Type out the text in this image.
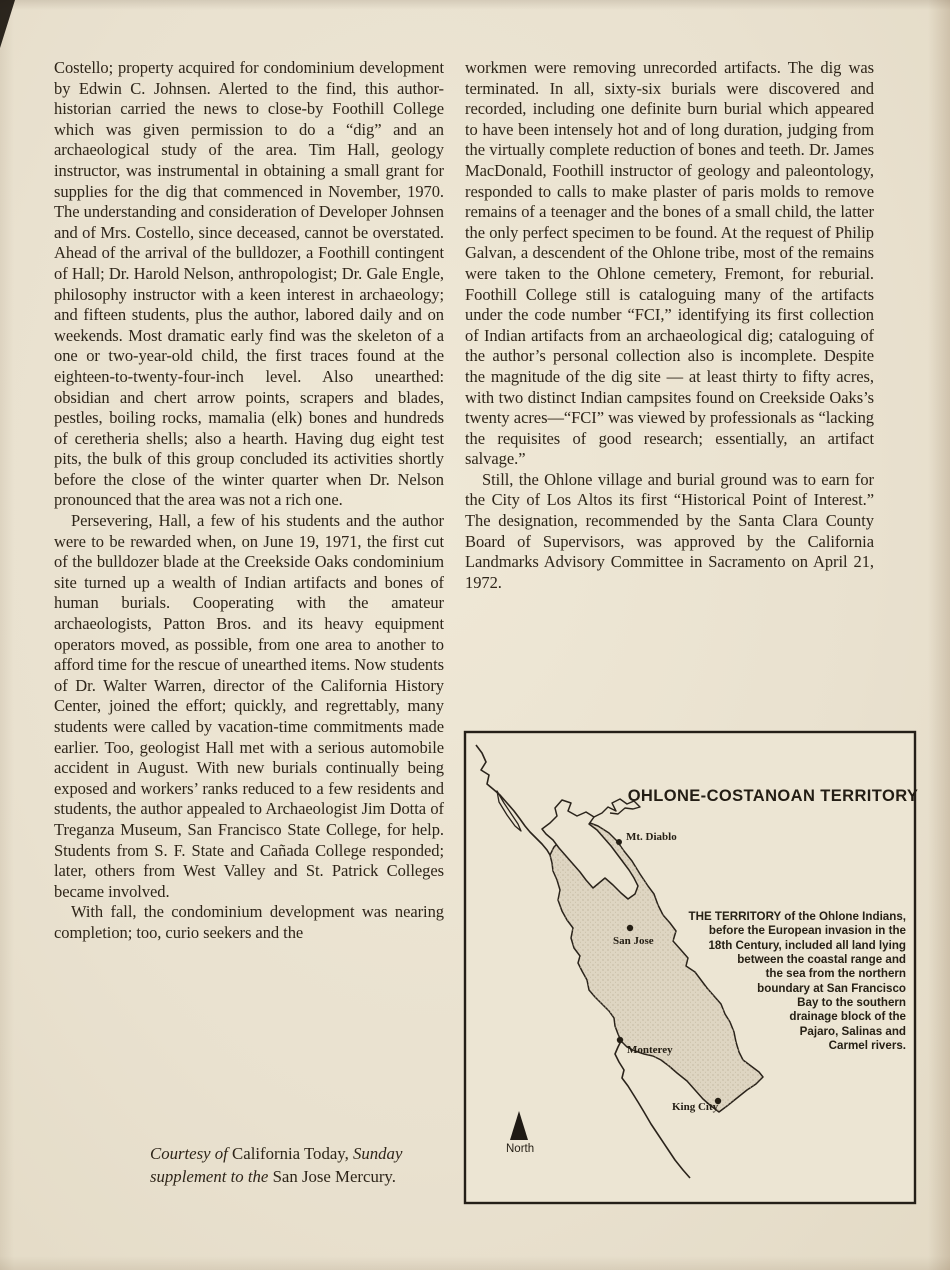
Costello; property acquired for condominium development by Edwin C. Johnsen. Alerted to the find, this author-historian carried the news to close-by Foothill College which was given permission to do a “dig” and an archaeological study of the area. Tim Hall, geology instructor, was instrumental in obtaining a small grant for supplies for the dig that commenced in November, 1970. The understanding and consideration of Developer Johnsen and of Mrs. Costello, since deceased, cannot be overstated. Ahead of the arrival of the bulldozer, a Foothill contingent of Hall; Dr. Harold Nelson, anthropologist; Dr. Gale Engle, philosophy instructor with a keen interest in archaeology; and fifteen students, plus the author, labored daily and on weekends. Most dramatic early find was the skeleton of a one or two-year-old child, the first traces found at the eighteen-to-twenty-four-inch level. Also unearthed: obsidian and chert arrow points, scrapers and blades, pestles, boiling rocks, mamalia (elk) bones and hundreds of ceretheria shells; also a hearth. Having dug eight test pits, the bulk of this group concluded its activities shortly before the close of the winter quarter when Dr. Nelson pronounced that the area was not a rich one.

Persevering, Hall, a few of his students and the author were to be rewarded when, on June 19, 1971, the first cut of the bulldozer blade at the Creekside Oaks condominium site turned up a wealth of Indian artifacts and bones of human burials. Cooperating with the amateur archaeologists, Patton Bros. and its heavy equipment operators moved, as possible, from one area to another to afford time for the rescue of unearthed items. Now students of Dr. Walter Warren, director of the California History Center, joined the effort; quickly, and regrettably, many students were called by vacation-time commitments made earlier. Too, geologist Hall met with a serious automobile accident in August. With new burials continually being exposed and workers’ ranks reduced to a few residents and students, the author appealed to Archaeologist Jim Dotta of Treganza Museum, San Francisco State College, for help. Students from S. F. State and Cañada College responded; later, others from West Valley and St. Patrick Colleges became involved.

With fall, the condominium development was nearing completion; too, curio seekers and the

workmen were removing unrecorded artifacts. The dig was terminated. In all, sixty-six burials were discovered and recorded, including one definite burn burial which appeared to have been intensely hot and of long duration, judging from the virtually complete reduction of bones and teeth. Dr. James MacDonald, Foothill instructor of geology and paleontology, responded to calls to make plaster of paris molds to remove remains of a teenager and the bones of a small child, the latter the only perfect specimen to be found. At the request of Philip Galvan, a descendent of the Ohlone tribe, most of the remains were taken to the Ohlone cemetery, Fremont, for reburial. Foothill College still is cataloguing many of the artifacts under the code number “FCI,” identifying its first collection of Indian artifacts from an archaeological dig; cataloguing of the author’s personal collection also is incomplete. Despite the magnitude of the dig site — at least thirty to fifty acres, with two distinct Indian campsites found on Creekside Oaks’s twenty acres—“FCI” was viewed by professionals as “lacking the requisites of good research; essentially, an artifact salvage.”

Still, the Ohlone village and burial ground was to earn for the City of Los Altos its first “Historical Point of Interest.” The designation, recommended by the Santa Clara County Board of Supervisors, was approved by the California Landmarks Advisory Committee in Sacramento on April 21, 1972.

Courtesy of California Today, Sunday supplement to the San Jose Mercury.
OHLONE-COSTANOAN TERRITORY
THE TERRITORY of the Ohlone Indians,
before the European invasion in the
18th Century, included all land lying
between the coastal range and
the sea from the northern
boundary at San Francisco
Bay to the southern
drainage block of the
Pajaro, Salinas and
Carmel rivers.
Mt. Diablo
San Jose
Monterey
King City
North
